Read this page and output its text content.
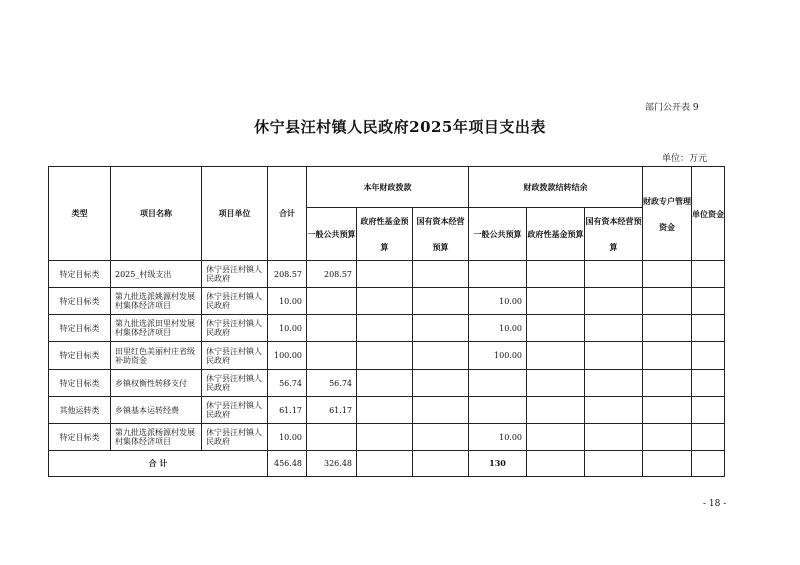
部门公开表 9
休宁县汪村镇人民政府2025年项目支出表
单位：万元
类型	项目名称	项目单位	合计	本年财政拨款			财政拨款结转结余			财政专户管理资金	单位资金
				一般公共预算	政府性基金预算	国有资本经营预算	一般公共预算	政府性基金预算	国有资本经营预算		
特定目标类	2025_村级支出	休宁县汪村镇人民政府	208.57	208.57							
特定目标类	第九批选派姚源村发展村集体经济项目	休宁县汪村镇人民政府	10.00				10.00				
特定目标类	第九批选派田里村发展村集体经济项目	休宁县汪村镇人民政府	10.00				10.00				
特定目标类	田里红色美丽村庄省级补助资金	休宁县汪村镇人民政府	100.00				100.00				
特定目标类	乡镇权衡性转移支付	休宁县汪村镇人民政府	56.74	56.74							
其他运转类	乡镇基本运转经费	休宁县汪村镇人民政府	61.17	61.17							
特定目标类	第九批选派杨源村发展村集体经济项目	休宁县汪村镇人民政府	10.00				10.00				
合 计			456.48	326.48			130				
- 18 -
